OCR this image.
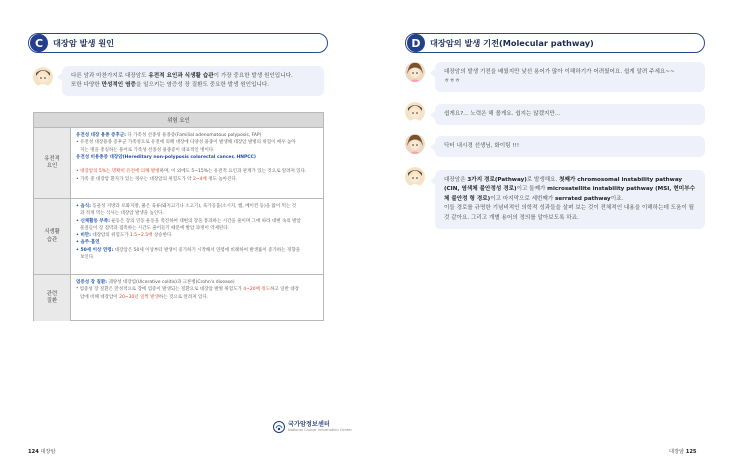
C	대장암 발생 원인
다른 암과 마찬가지로 대장암도 유전적 요인과 식생활 습관이 가장 중요한 발생 원인입니다.
또한 다양한 만성적인 염증을 일으키는 염증성 장 질환도 중요한 발생 원인입니다.
위험 요인
유전적
요인
유전성 대장 용종 증후군: 다 가족성 선종성 용종증(Familial adenomatous polyposis, FAP)
• 유전성 대장용종 증후군 가족성으로 유전에 의해 대장에 다양성 용종이 발생해 대장암 발병의 위험이 매우 높아
지는 병을 총칭하는 용어로 가족성 선종성 용종증이 대표적인 병이다.
유전성 비용종증 대장암(Hereditary non-polyposis colorectal cancer, HNPCC)

• 대장암의 5%는 명확히 유전에 의해 발병하며, 이 외에도 5~15%는 유전적 요인과 관계가 있는 것으로 알려져 있다.
• 가족 중 대장암 환자가 있는 경우는 대장암의 위험도가 약 2~4배 정도 높아진다.
식생활
습관
• 음식: 동물성 지방과 포화지방, 붉은 육류(돼지고기나 소고기), 육가공품(소시지, 햄, 베이컨 등)을 많이 먹는 것
과 적게 먹는 식사는 대장암 발생을 높인다.
• 신체활동 부족: 운동은 장의 연동 운동을 촉진하여 대변의 장을 통과하는 시간을 줄이며 그에 따라 대변 속의 발암
물질들이 장 점막과 접촉하는 시간도 줄어들기 때문에 발암 과정이 억제된다.
• 비만: 대장암의 위험도가 1.5~2.5배 상승한다.
• 음주·흡연
• 50세 이상 연령: 대장암은 50세 이상부터 발생이 증가하기 시작해서 연령에 비례하여 발생률이 증가하는 경향을
보인다.
관련
질환
염증성 장 질환: 궤양성 대장염(Ulcerative colitis)과 크론병(Crohn's disease)
* 염증성 장 질환은 만성적으로 장에 염증이 발생되는 질환으로 대장암 발병 위험도가 4~20배 정도하고 일반 대장
암에 비해 대장암이 20~30년 일찍 발생하는 것으로 알려져 있다.
국가암정보센터
National Cancer Information Center
124 대장암
D	대장암의 발생 기전(Molecular pathway)
대장암의 발생 기전을 배웠지만 낯선 용어가 많아 이해하기가 어려웠어요. 쉽게 알려 주세요~~
ㅎㅎㅎ
쉽게요?... 노력은 해 볼게요. 쉽지는 않겠지만...
닥터 내시경 선생님, 화이팅 !!!
대장암은 3가지 경로(Pathway)로 발생해요. 첫째가 chromosomal instability pathway (CIN, 염색체 불안정성 경로)이고 둘째가 microsatellite instability pathway (MSI, 현미부수체 불안정 형 경로)이고 마지막으로 세번째가 serrated pathway이죠.
이들 경로를 규명한 기념비적인 의학적 성과들을 살펴 보는 것이 전체적인 내용을 이해하는데 도움이 될 것 같아요. 그리고 개별 용어의 정의를 알아보도록 하죠.
대장암 125
